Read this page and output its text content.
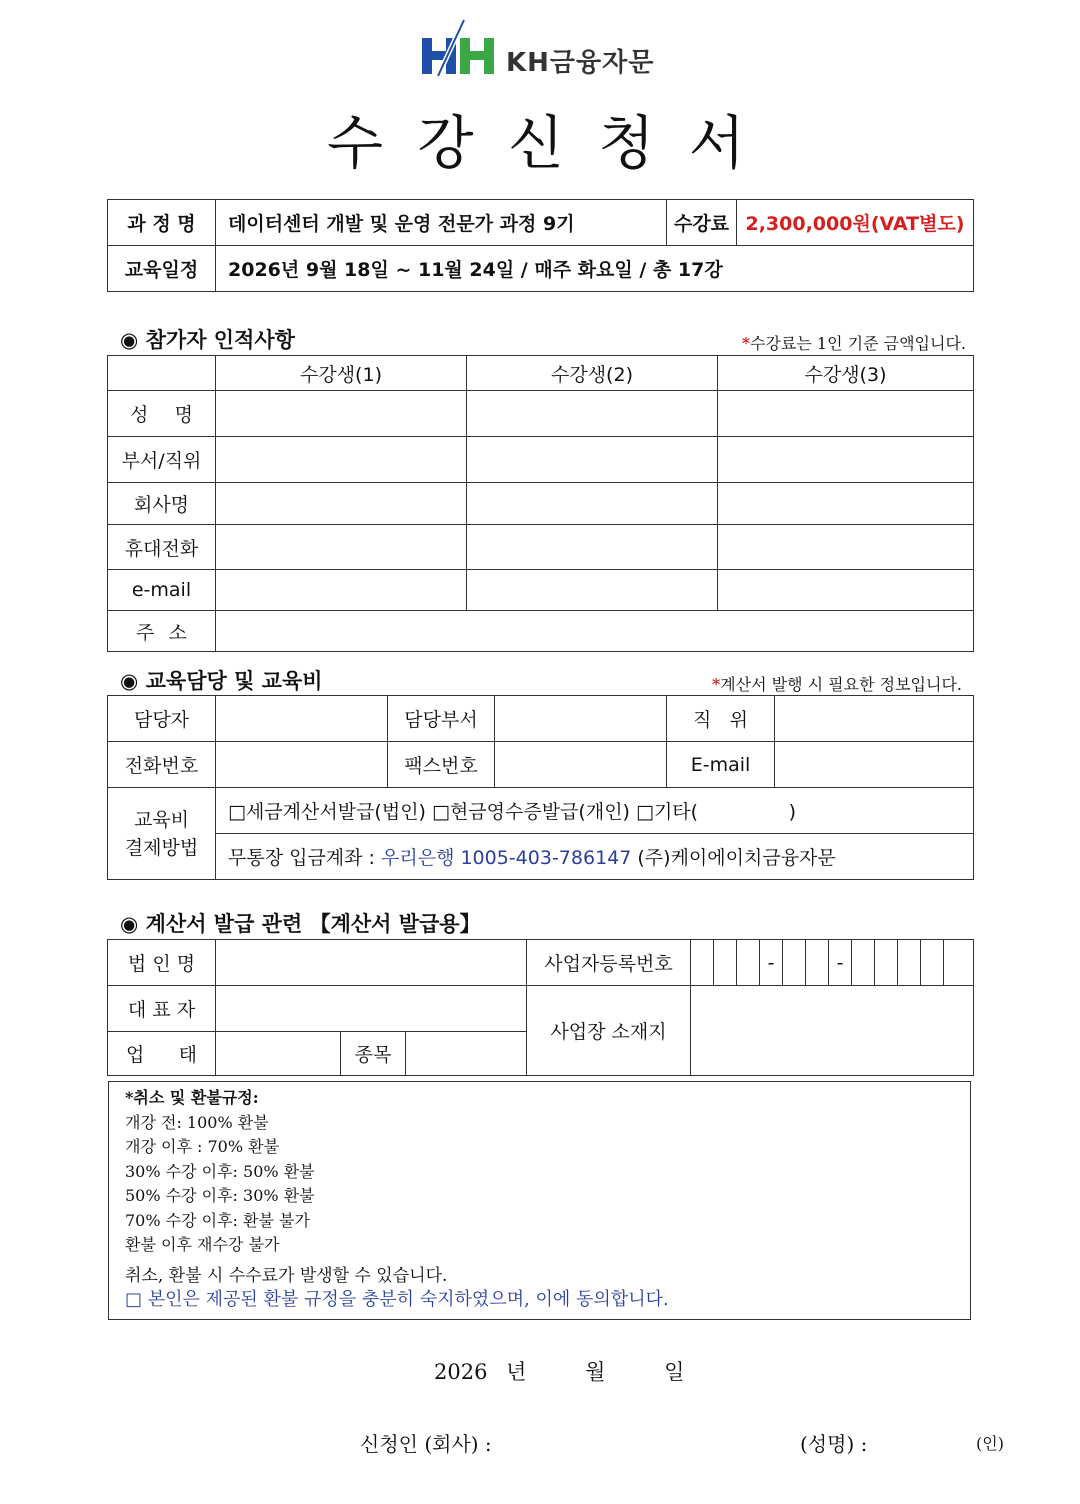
KH금융자문
수 강 신 청 서
과 정 명	데이터센터 개발 및 운영 전문가 과정 9기	수강료	2,300,000원(VAT별도)
교육일정	2026년 9월 18일 ~ 11월 24일 / 매주 화요일 / 총 17강		
◉ 참가자 인적사항	*수강료는 1인 기준 금액입니다.
	수강생(1)	수강생(2)	수강생(3)

성 명			

부서/직위			
회사명			
휴대전화			
e-mail			

주 소			

◉ 교육담당 및 교육비	*계산서 발행 시 필요한 정보입니다.
담당자		담당부서		직 위	

전화번호		팩스번호		E-mail	

교육비
결제방법	□세금계산서발급(법인) □현금영수증발급(개인) □기타(               )				
	무통장 입금계좌 : 우리은행 1005-403-786147 (주)케이에이치금융자문				
◉ 계산서 발급 관련 【계산서 발급용】
법 인 명				사업자등록번호				-			-					
대 표 자				사업장 소재지												

업 태		종목														
*취소 및 환불규정:
개강 전: 100% 환불
개강 이후 : 70% 환불
30% 수강 이후: 50% 환불
50% 수강 이후: 30% 환불
70% 수강 이후: 환불 불가
환불 이후 재수강 불가
취소, 환불 시 수수료가 발생할 수 있습니다.
□ 본인은 제공된 환불 규정을 충분히 숙지하였으며, 이에 동의합니다.
2026 년	월	일
신청인 (회사) :	(성명) :	(인)
